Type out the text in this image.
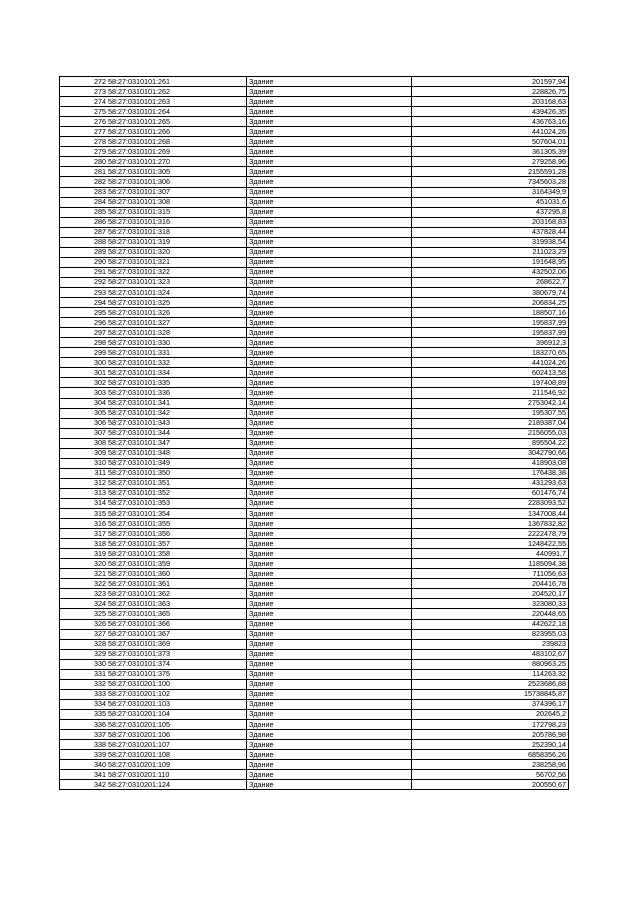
272	58:27:0310101:261	Здание	201597,94
273	58:27:0310101:262	Здание	228826,75
274	58:27:0310101:263	Здание	203168,63
275	58:27:0310101:264	Здание	439426,35
276	58:27:0310101:265	Здание	436763,16
277	58:27:0310101:266	Здание	441024,26
278	58:27:0310101:268	Здание	507604,01
279	58:27:0310101:269	Здание	361305,39
280	58:27:0310101:270	Здание	279258,96
281	58:27:0310101:305	Здание	2155591,28
282	58:27:0310101:306	Здание	7345603,28
283	58:27:0310101:307	Здание	3164349,9
284	58:27:0310101:308	Здание	451031,6
285	58:27:0310101:315	Здание	437295,8
286	58:27:0310101:316	Здание	203168,83
287	58:27:0310101:318	Здание	437828,44
288	58:27:0310101:319	Здание	319938,54
289	58:27:0310101:320	Здание	211023,29
290	58:27:0310101:321	Здание	191648,95
291	58:27:0310101:322	Здание	432502,06
292	58:27:0310101:323	Здание	268622,7
293	58:27:0310101:324	Здание	380679,74
294	58:27:0310101:325	Здание	206834,25
295	58:27:0310101:326	Здание	188507,16
296	58:27:0310101:327	Здание	195837,99
297	58:27:0310101:328	Здание	195837,99
298	58:27:0310101:330	Здание	396912,3
299	58:27:0310101:331	Здание	183270,65
300	58:27:0310101:332	Здание	441024,26
301	58:27:0310101:334	Здание	602413,58
302	58:27:0310101:335	Здание	197408,89
303	58:27:0310101:336	Здание	211546,92
304	58:27:0310101:341	Здание	2753042,14
305	58:27:0310101:342	Здание	195307,55
306	58:27:0310101:343	Здание	2189387,04
307	58:27:0310101:344	Здание	2156055,03
308	58:27:0310101:347	Здание	895504,22
309	58:27:0310101:348	Здание	3042790,66
310	58:27:0310101:349	Здание	418903,08
311	58:27:0310101:350	Здание	176438,38
312	58:27:0310101:351	Здание	431293,63
313	58:27:0310101:352	Здание	601476,74
314	58:27:0310101:353	Здание	2283093,52
315	58:27:0310101:354	Здание	1347008,44
316	58:27:0310101:355	Здание	1367832,82
317	58:27:0310101:356	Здание	2222478,79
318	58:27:0310101:357	Здание	1248422,55
319	58:27:0310101:358	Здание	440991,7
320	58:27:0310101:359	Здание	1185094,38
321	58:27:0310101:360	Здание	711056,63
322	58:27:0310101:361	Здание	204416,78
323	58:27:0310101:362	Здание	204520,17
324	58:27:0310101:363	Здание	323080,33
325	58:27:0310101:365	Здание	220448,65
326	58:27:0310101:366	Здание	442622,18
327	58:27:0310101:367	Здание	823955,03
328	58:27:0310101:369	Здание	239823
329	58:27:0310101:373	Здание	483102,67
330	58:27:0310101:374	Здание	880963,25
331	58:27:0310101:375	Здание	114263,32
332	58:27:0310201:100	Здание	2523686,88
333	58:27:0310201:102	Здание	15738845,87
334	58:27:0310201:103	Здание	374396,17
335	58:27:0310201:104	Здание	202645,2
336	58:27:0310201:105	Здание	172798,23
337	58:27:0310201:106	Здание	205786,98
338	58:27:0310201:107	Здание	252390,14
339	58:27:0310201:108	Здание	6858356,26
340	58:27:0310201:109	Здание	238258,96
341	58:27:0310201:110	Здание	56702,56
342	58:27:0310201:124	Здание	200550,67
